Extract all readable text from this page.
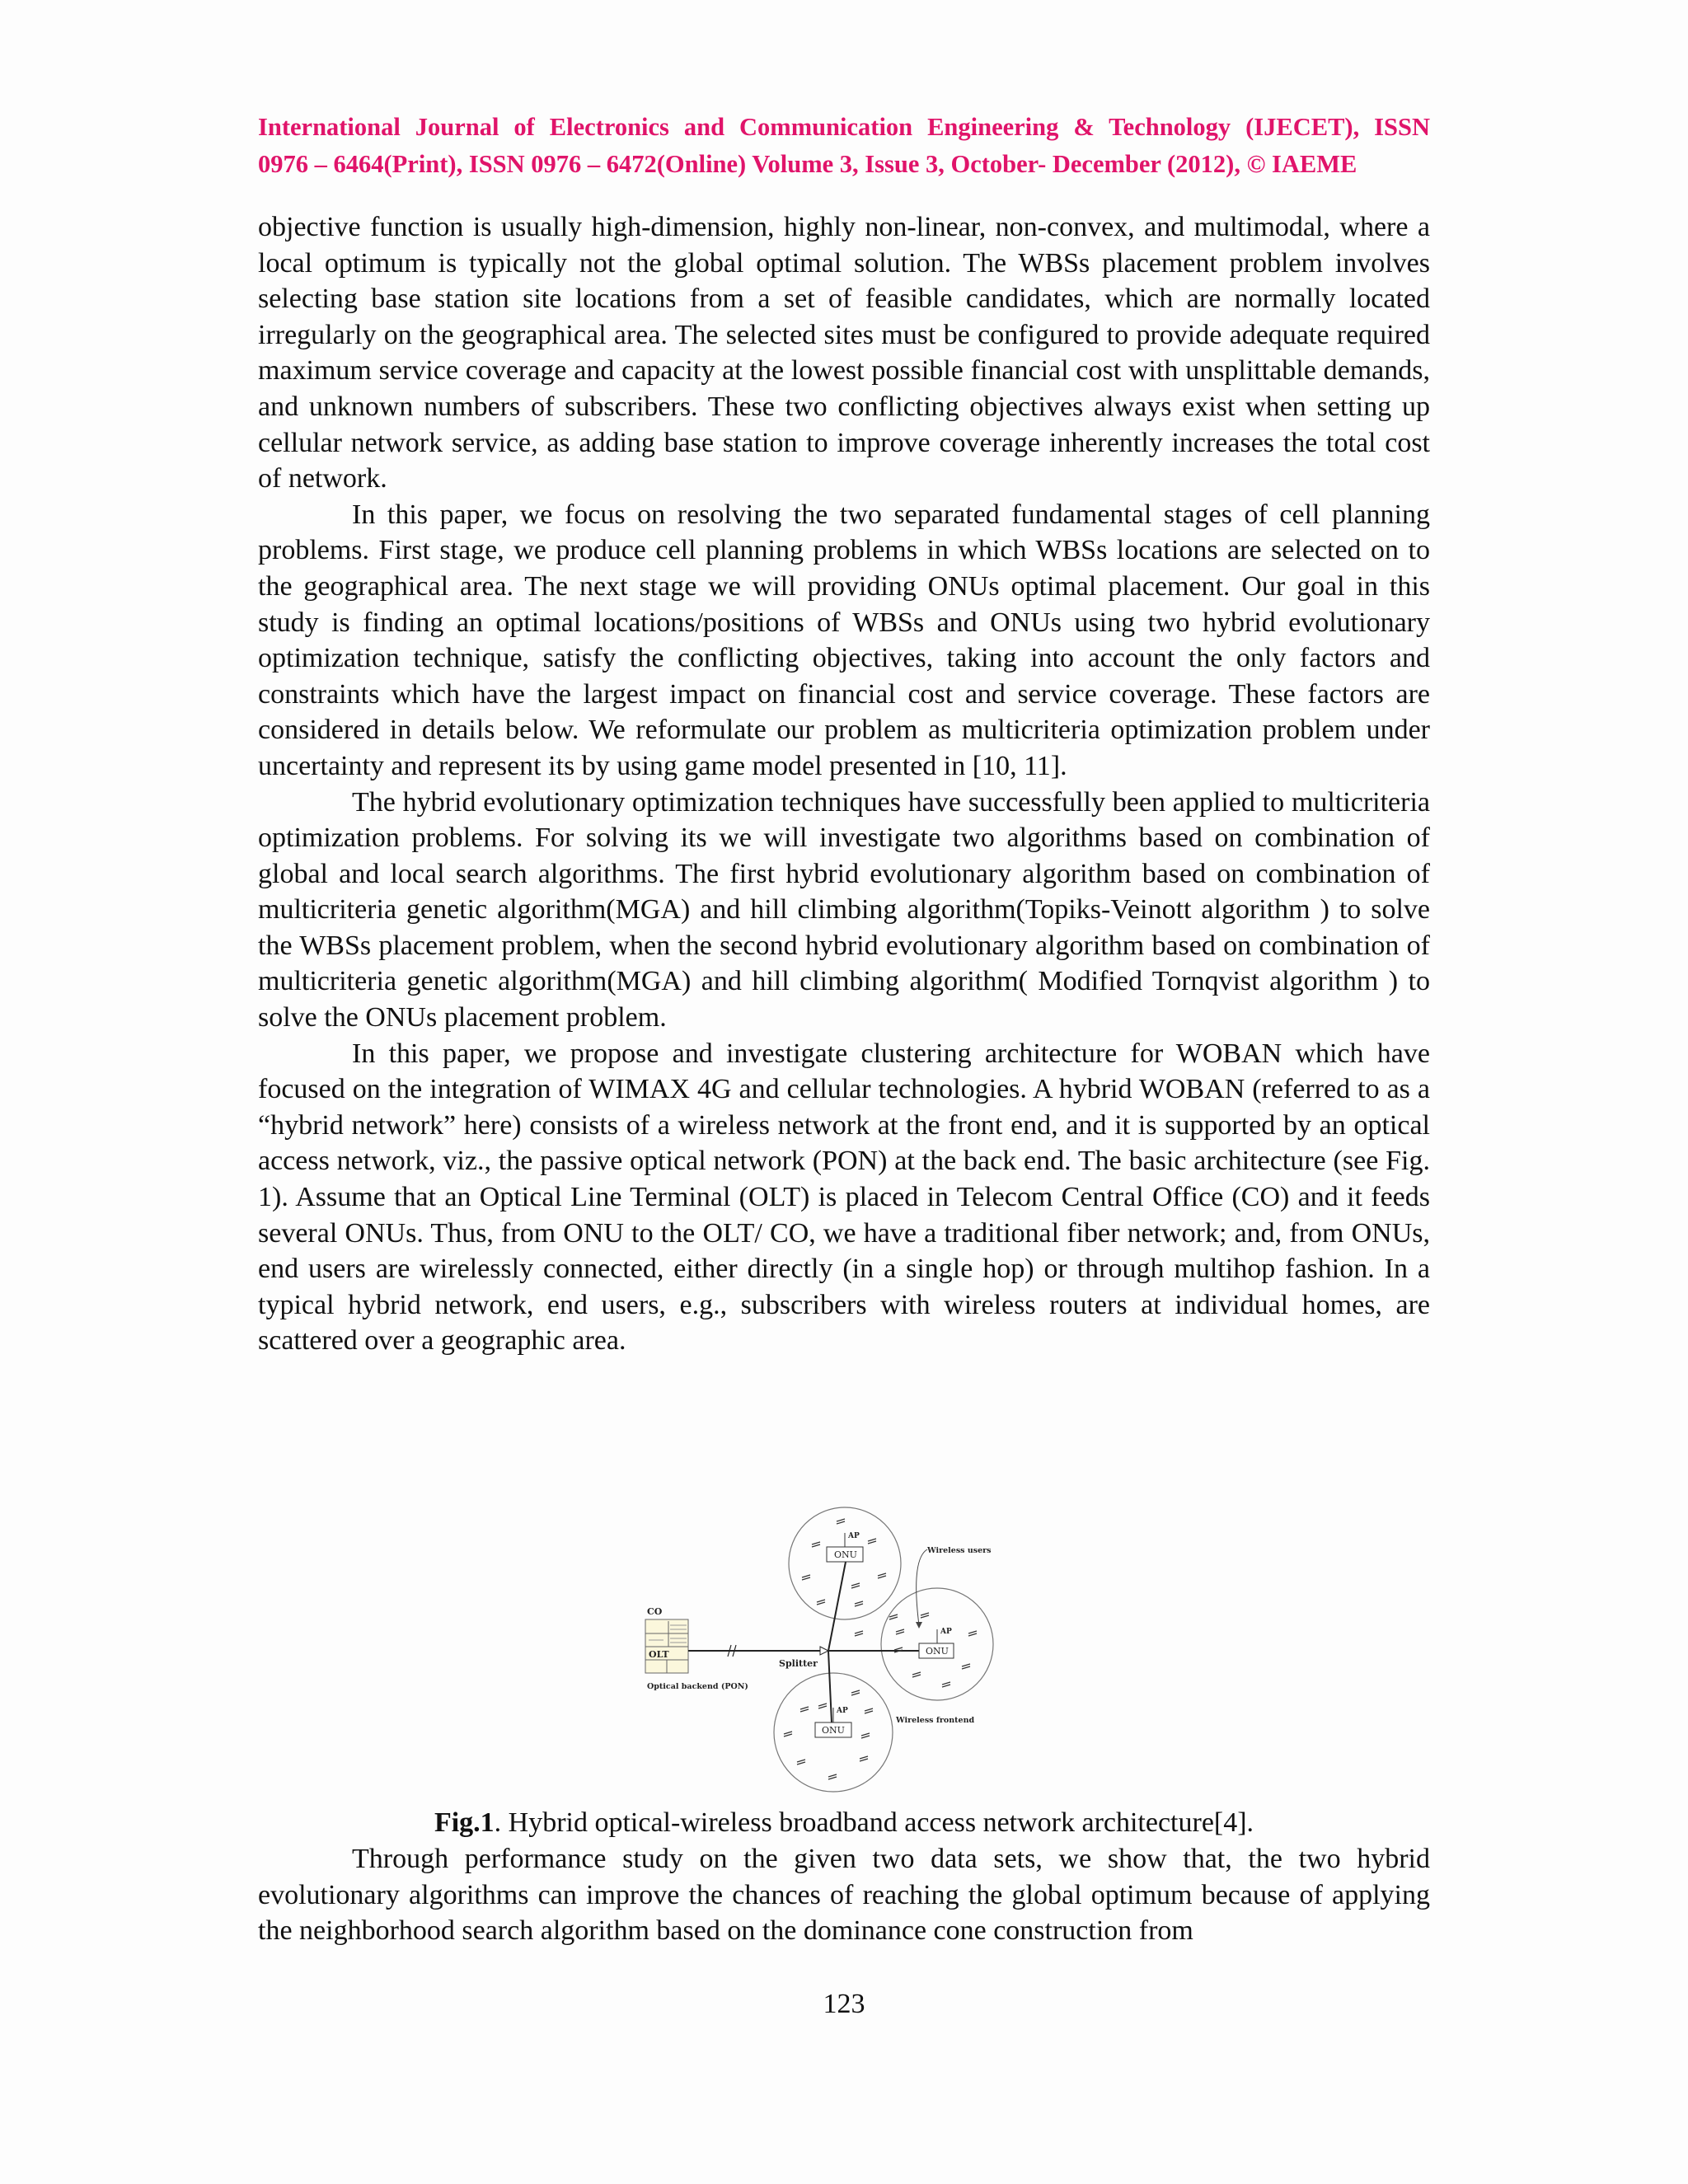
International Journal of Electronics and Communication Engineering & Technology (IJECET), ISSN
0976 – 6464(Print), ISSN 0976 – 6472(Online) Volume 3, Issue 3, October- December (2012), © IAEME

objective function is usually high-dimension, highly non-linear, non-convex, and multimodal, where a local optimum is typically not the global optimal solution. The WBSs placement problem involves selecting base station site locations from a set of feasible candidates, which are normally located irregularly on the geographical area. The selected sites must be configured to provide adequate required maximum service coverage and capacity at the lowest possible financial cost with unsplittable demands, and unknown numbers of subscribers. These two conflicting objectives always exist when setting up cellular network service, as adding base station to improve coverage inherently increases the total cost of network.

In this paper, we focus on resolving the two separated fundamental stages of cell planning problems. First stage, we produce cell planning problems in which WBSs locations are selected on to the geographical area. The next stage we will providing ONUs optimal placement. Our goal in this study is finding an optimal locations/positions of WBSs and ONUs using two hybrid evolutionary optimization technique, satisfy the conflicting objectives, taking into account the only factors and constraints which have the largest impact on financial cost and service coverage. These factors are considered in details below. We reformulate our problem as multicriteria optimization problem under uncertainty and represent its by using game model presented in [10, 11].

The hybrid evolutionary optimization techniques have successfully been applied to multicriteria optimization problems. For solving its we will investigate two algorithms based on combination of global and local search algorithms. The first hybrid evolutionary algorithm based on combination of multicriteria genetic algorithm(MGA) and hill climbing algorithm(Topiks-Veinott algorithm ) to solve the WBSs placement problem, when the second hybrid evolutionary algorithm based on combination of multicriteria genetic algorithm(MGA) and hill climbing algorithm( Modified Tornqvist algorithm ) to solve the ONUs placement problem.

In this paper, we propose and investigate clustering architecture for WOBAN which have focused on the integration of WIMAX 4G and cellular technologies. A hybrid WOBAN (referred to as a “hybrid network” here) consists of a wireless network at the front end, and it is supported by an optical access network, viz., the passive optical network (PON) at the back end. The basic architecture (see Fig. 1). Assume that an Optical Line Terminal (OLT) is placed in Telecom Central Office (CO) and it feeds several ONUs. Thus, from ONU to the OLT/ CO, we have a traditional fiber network; and, from ONUs, end users are wirelessly connected, either directly (in a single hop) or through multihop fashion. In a typical hybrid network, end users, e.g., subscribers with wireless routers at individual homes, are scattered over a geographic area.

CO
OLT
Optical backend (PON)
Splitter
ONU
AP
ONU
AP
ONU
AP
Wireless users
Wireless frontend
Fig.1. Hybrid optical-wireless broadband access network architecture[4].

Through performance study on the given two data sets, we show that, the two hybrid evolutionary algorithms can improve the chances of reaching the global optimum because of applying the neighborhood search algorithm based on the dominance cone construction from

123
